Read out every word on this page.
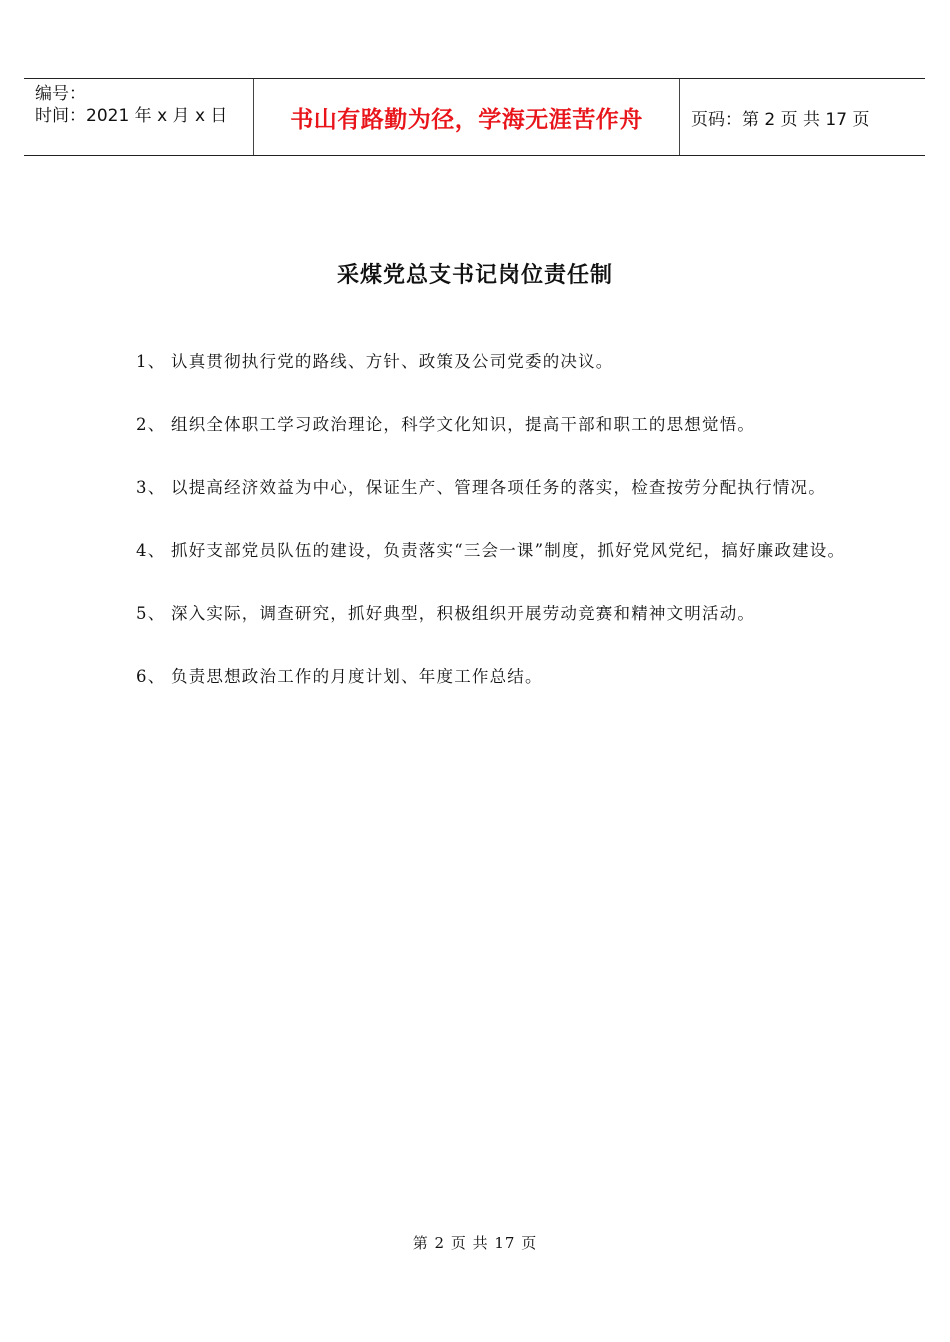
编号：
时间：2021 年 x 月 x 日	书山有路勤为径，学海无涯苦作舟	页码：第 2 页 共 17 页
采煤党总支书记岗位责任制
1、 认真贯彻执行党的路线、方针、政策及公司党委的决议。
2、 组织全体职工学习政治理论，科学文化知识，提高干部和职工的思想觉悟。
3、 以提高经济效益为中心，保证生产、管理各项任务的落实，检查按劳分配执行情况。
4、 抓好支部党员队伍的建设，负责落实“三会一课”制度，抓好党风党纪，搞好廉政建设。
5、 深入实际，调查研究，抓好典型，积极组织开展劳动竞赛和精神文明活动。
6、 负责思想政治工作的月度计划、年度工作总结。
第 2 页 共 17 页
